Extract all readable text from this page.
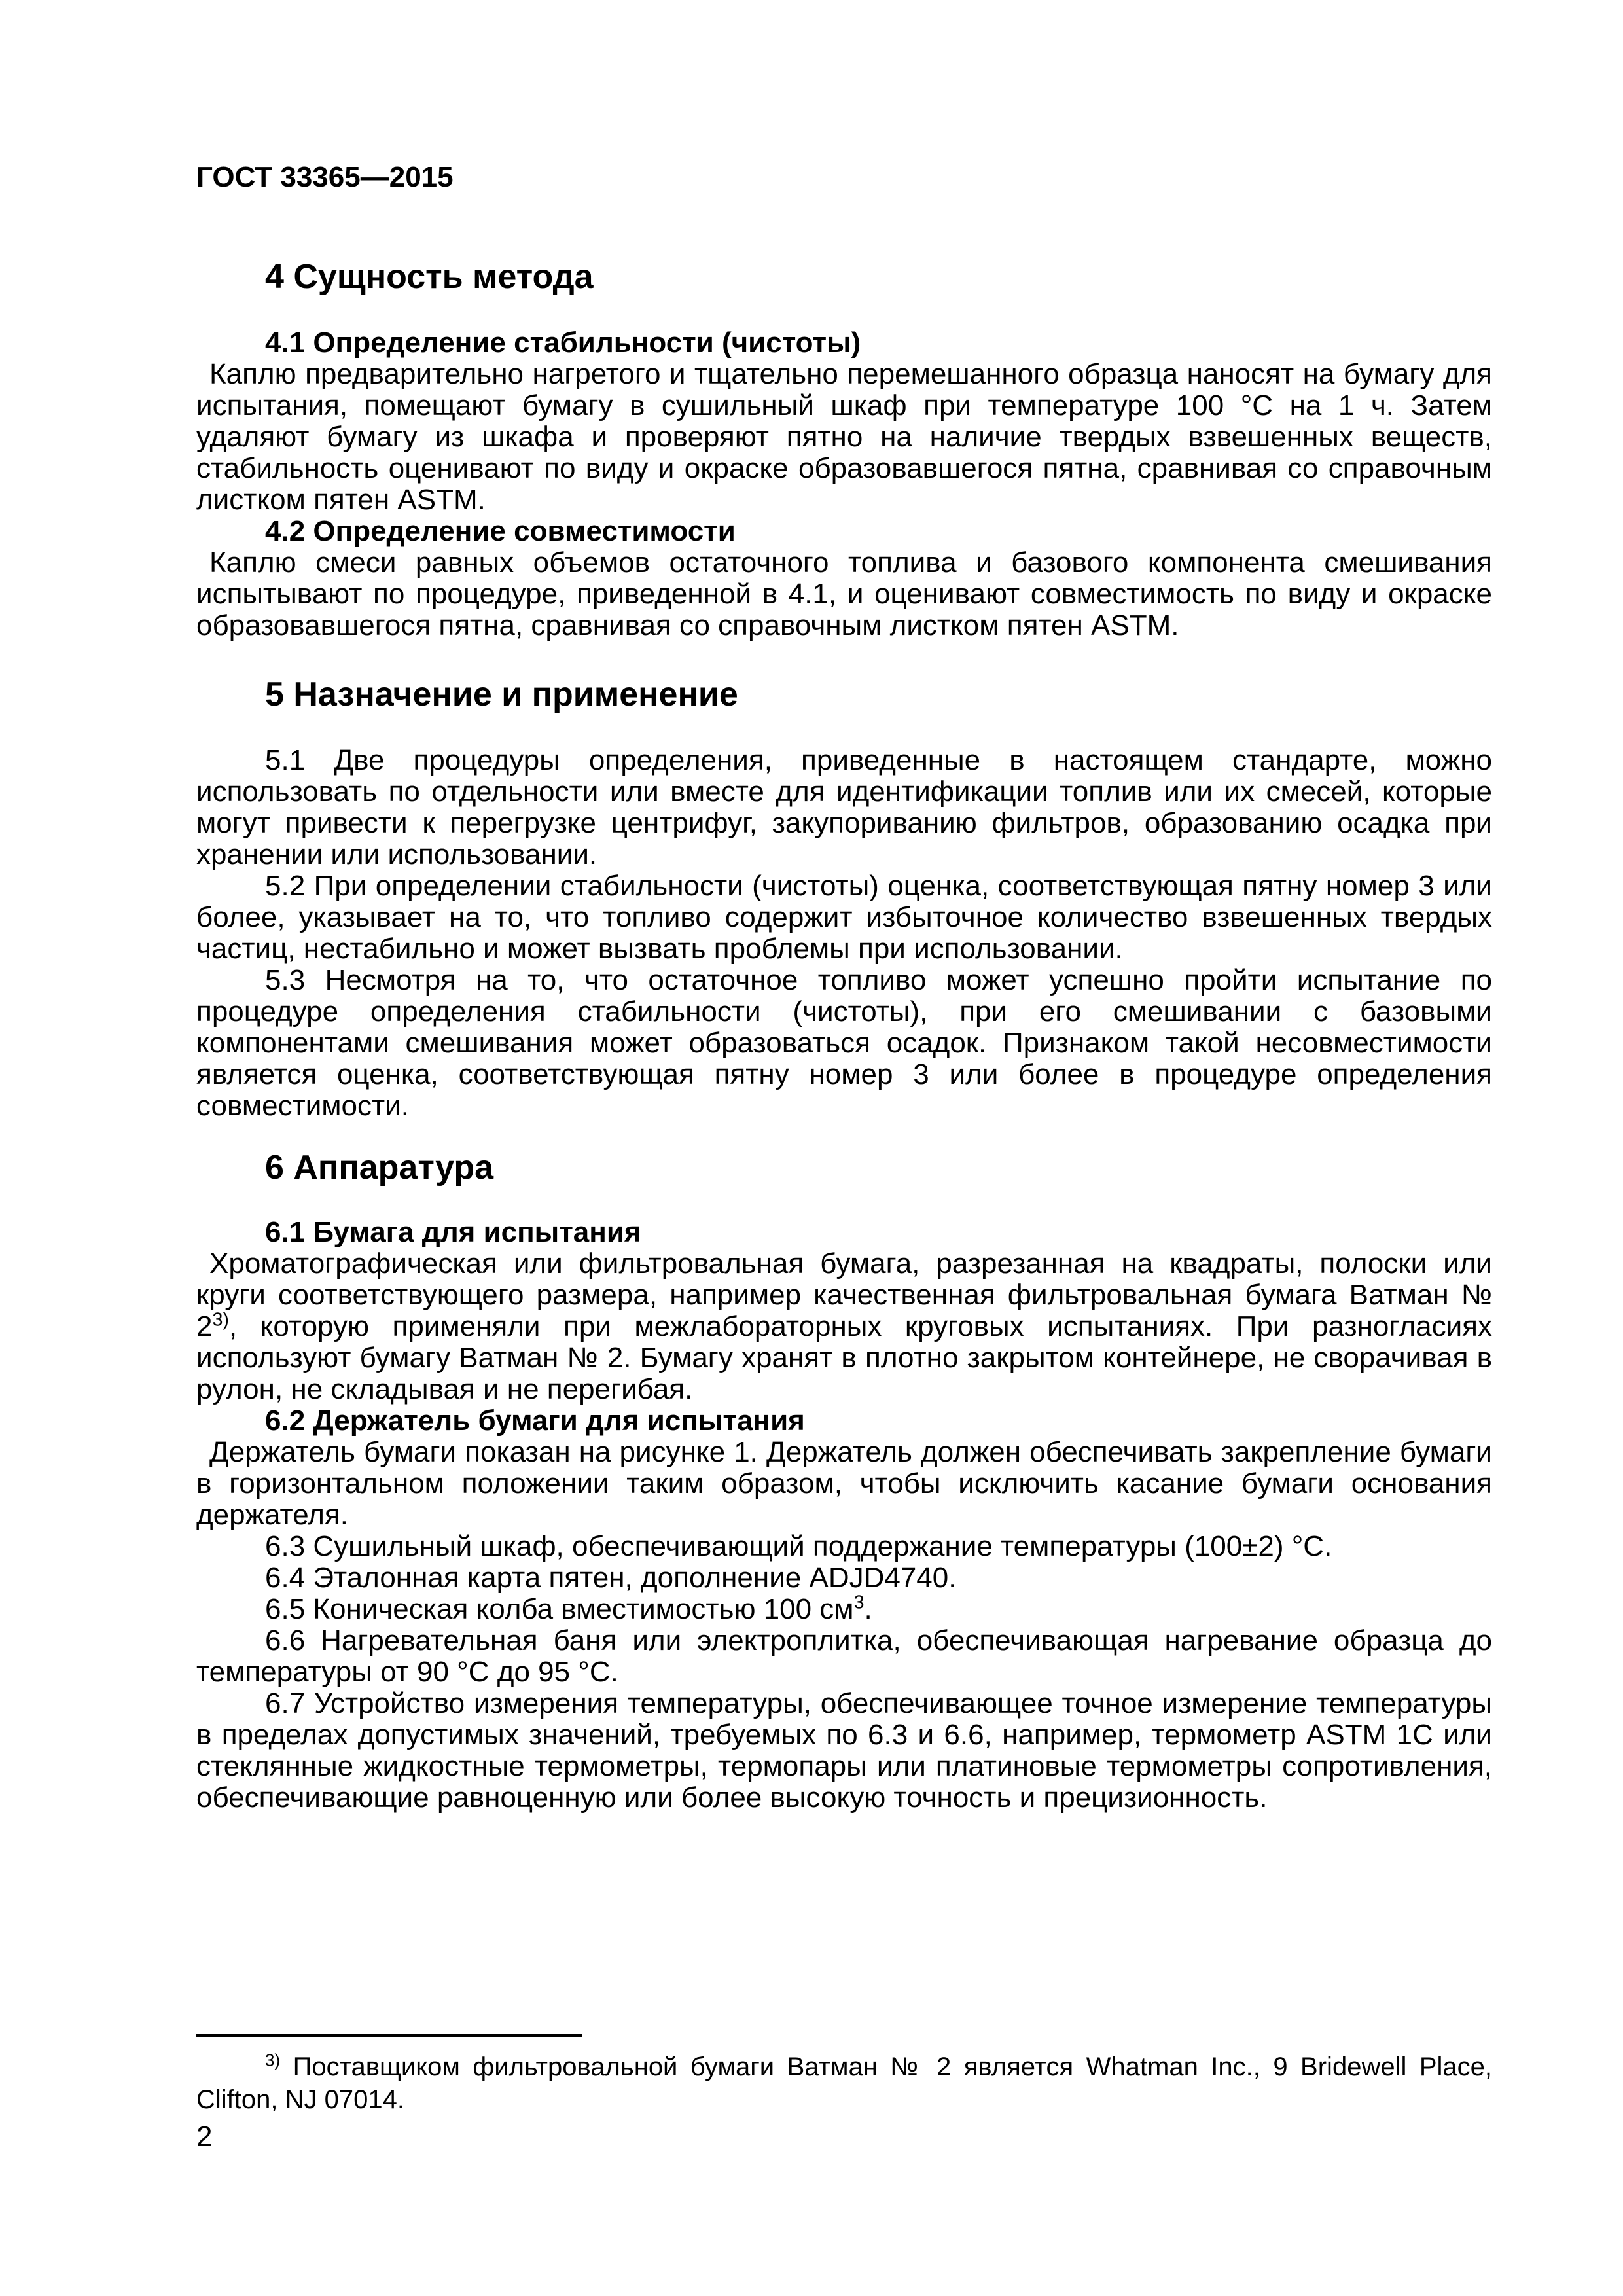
ГОСТ 33365—2015
4 Сущность метода
4.1 Определение стабильности (чистоты)

Каплю предварительно нагретого и тщательно перемешанного образца наносят на бумагу для испытания, помещают бумагу в сушильный шкаф при температуре 100 °С на 1 ч. Затем удаляют бумагу из шкафа и проверяют пятно на наличие твердых взвешенных веществ, стабильность оценивают по виду и окраске образовавшегося пятна, сравнивая со справочным листком пятен ASTM.

4.2 Определение совместимости

Каплю смеси равных объемов остаточного топлива и базового компонента смешивания испытывают по процедуре, приведенной в 4.1, и оценивают совместимость по виду и окраске образовавшегося пятна, сравнивая со справочным листком пятен ASTM.

5 Назначение и применение

5.1 Две процедуры определения, приведенные в настоящем стандарте, можно использовать по отдельности или вместе для идентификации топлив или их смесей, которые могут привести к перегрузке центрифуг, закупориванию фильтров, образованию осадка при хранении или использовании.

5.2 При определении стабильности (чистоты) оценка, соответствующая пятну номер 3 или более, указывает на то, что топливо содержит избыточное количество взвешенных твердых частиц, нестабильно и может вызвать проблемы при использовании.

5.3 Несмотря на то, что остаточное топливо может успешно пройти испытание по процедуре определения стабильности (чистоты), при его смешивании с базовыми компонентами смешивания может образоваться осадок. Признаком такой несовместимости является оценка, соответствующая пятну номер 3 или более в процедуре определения совместимости.

6 Аппаратура
6.1 Бумага для испытания

Хроматографическая или фильтровальная бумага, разрезанная на квадраты, полоски или круги соответствующего размера, например качественная фильтровальная бумага Ватман № 2$^{3)}$, которую применяли при межлабораторных круговых испытаниях. При разногласиях используют бумагу Ватман № 2. Бумагу хранят в плотно закрытом контейнере, не сворачивая в рулон, не складывая и не перегибая.

6.2 Держатель бумаги для испытания

Держатель бумаги показан на рисунке 1. Держатель должен обеспечивать закрепление бумаги в горизонтальном положении таким образом, чтобы исключить касание бумаги основания держателя.

6.3 Сушильный шкаф, обеспечивающий поддержание температуры (100±2) °С.

6.4 Эталонная карта пятен, дополнение ADJD4740.

6.5 Коническая колба вместимостью 100 $см^3$.

6.6 Нагревательная баня или электроплитка, обеспечивающая нагревание образца до температуры от 90 °С до 95 °С.

6.7 Устройство измерения температуры, обеспечивающее точное измерение температуры в пределах допустимых значений, требуемых по 6.3 и 6.6, например, термометр ASTM 1С или стеклянные жидкостные термометры, термопары или платиновые термометры сопротивления, обеспечивающие равноценную или более высокую точность и прецизионность.

$^{3)}$ Поставщиком фильтровальной бумаги Ватман № 2 является Whatman Inc., 9 Bridewell Place, Clifton, NJ 07014.

2
